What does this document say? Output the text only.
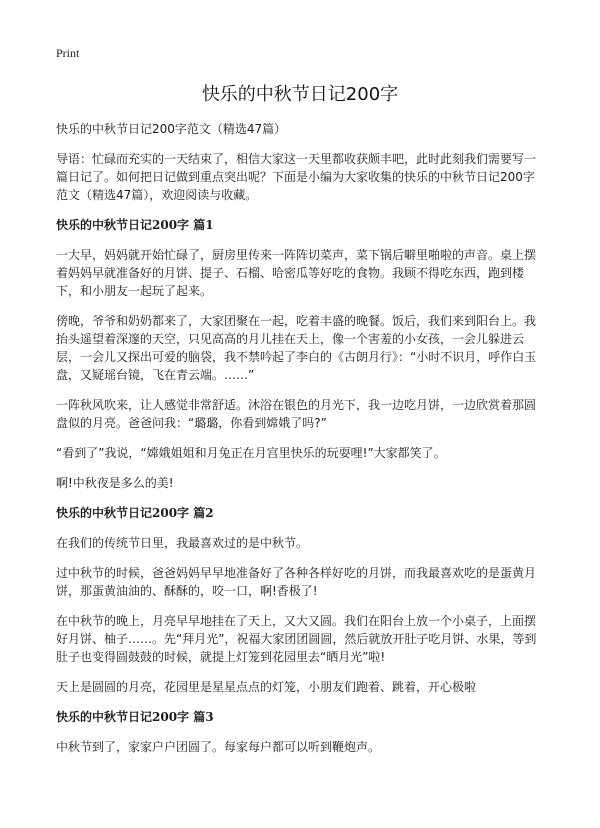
Print
快乐的中秋节日记200字

快乐的中秋节日记200字范文（精选47篇）

导语：忙碌而充实的一天结束了，相信大家这一天里都收获颇丰吧，此时此刻我们需要写一篇日记了。如何把日记做到重点突出呢？下面是小编为大家收集的快乐的中秋节日记200字范文（精选47篇），欢迎阅读与收藏。

快乐的中秋节日记200字 篇1

一大早，妈妈就开始忙碌了，厨房里传来一阵阵切菜声，菜下锅后噼里啪啦的声音。桌上摆着妈妈早就准备好的月饼、提子、石榴、哈密瓜等好吃的食物。我顾不得吃东西，跑到楼下，和小朋友一起玩了起来。

傍晚，爷爷和奶奶都来了，大家团聚在一起，吃着丰盛的晚餐。饭后，我们来到阳台上。我抬头遥望着深邃的天空，只见高高的月儿挂在天上，像一个害羞的小女孩，一会儿躲进云层，一会儿又探出可爱的脑袋，我不禁吟起了李白的《古朗月行》：“小时不识月，呼作白玉盘，又疑瑶台镜，飞在青云端。……”

一阵秋风吹来，让人感觉非常舒适。沐浴在银色的月光下，我一边吃月饼，一边欣赏着那圆盘似的月亮。爸爸问我：“璐璐，你看到嫦娥了吗?”

“看到了”我说，“嫦娥姐姐和月兔正在月宫里快乐的玩耍哩!”大家都笑了。

啊!中秋夜是多么的美!

快乐的中秋节日记200字 篇2

在我们的传统节日里，我最喜欢过的是中秋节。

过中秋节的时候，爸爸妈妈早早地准备好了各种各样好吃的月饼，而我最喜欢吃的是蛋黄月饼，那蛋黄油油的、酥酥的，咬一口，啊!香极了!

在中秋节的晚上，月亮早早地挂在了天上，又大又圆。我们在阳台上放一个小桌子，上面摆好月饼、柚子……。先“拜月光”，祝福大家团团圆圆，然后就放开肚子吃月饼、水果，等到肚子也变得圆鼓鼓的时候，就提上灯笼到花园里去“晒月光”啦!

天上是圆圆的月亮，花园里是星星点点的灯笼，小朋友们跑着、跳着，开心极啦

快乐的中秋节日记200字 篇3

中秋节到了，家家户户团圆了。每家每户都可以听到鞭炮声。
